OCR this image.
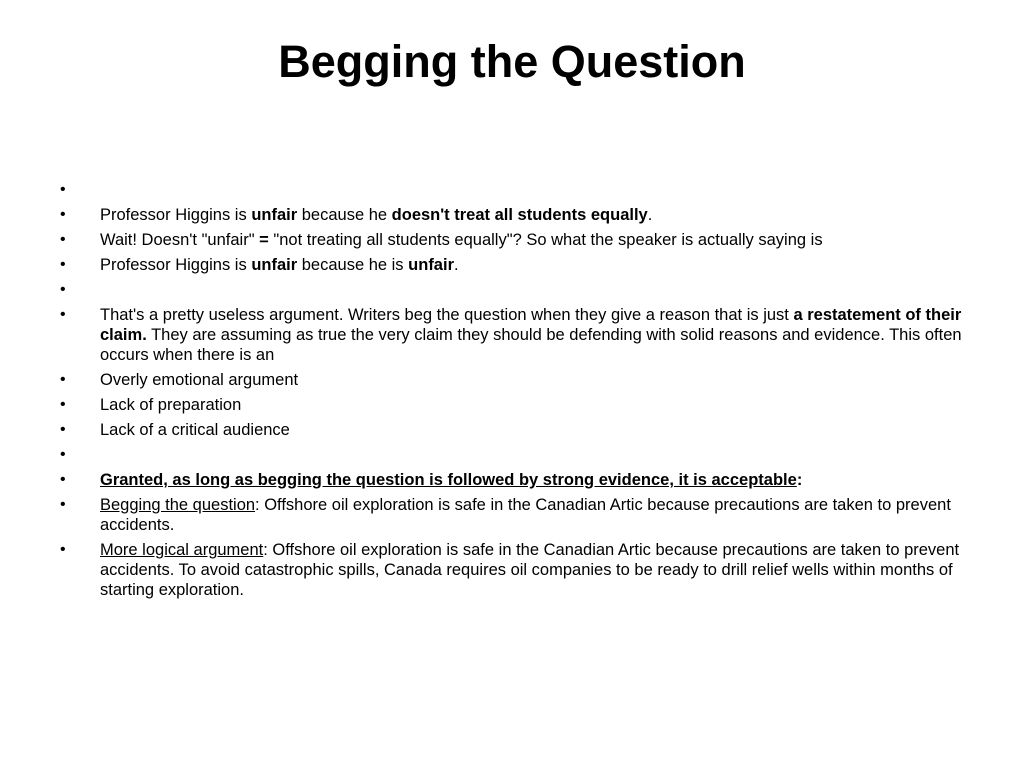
Begging the Question
•
• Professor Higgins is unfair because he doesn't treat all students equally.
• Wait! Doesn't "unfair" = "not treating all students equally"? So what the speaker is actually saying is
• Professor Higgins is unfair because he is unfair.
•
• That's a pretty useless argument. Writers beg the question when they give a reason that is just a restatement of their claim. They are assuming as true the very claim they should be defending with solid reasons and evidence. This often occurs when there is an
• Overly emotional argument
• Lack of preparation
• Lack of a critical audience
•
• Granted, as long as begging the question is followed by strong evidence, it is acceptable:
• Begging the question: Offshore oil exploration is safe in the Canadian Artic because precautions are taken to prevent accidents.
• More logical argument: Offshore oil exploration is safe in the Canadian Artic because precautions are taken to prevent accidents. To avoid catastrophic spills, Canada requires oil companies to be ready to drill relief wells within months of starting exploration.
